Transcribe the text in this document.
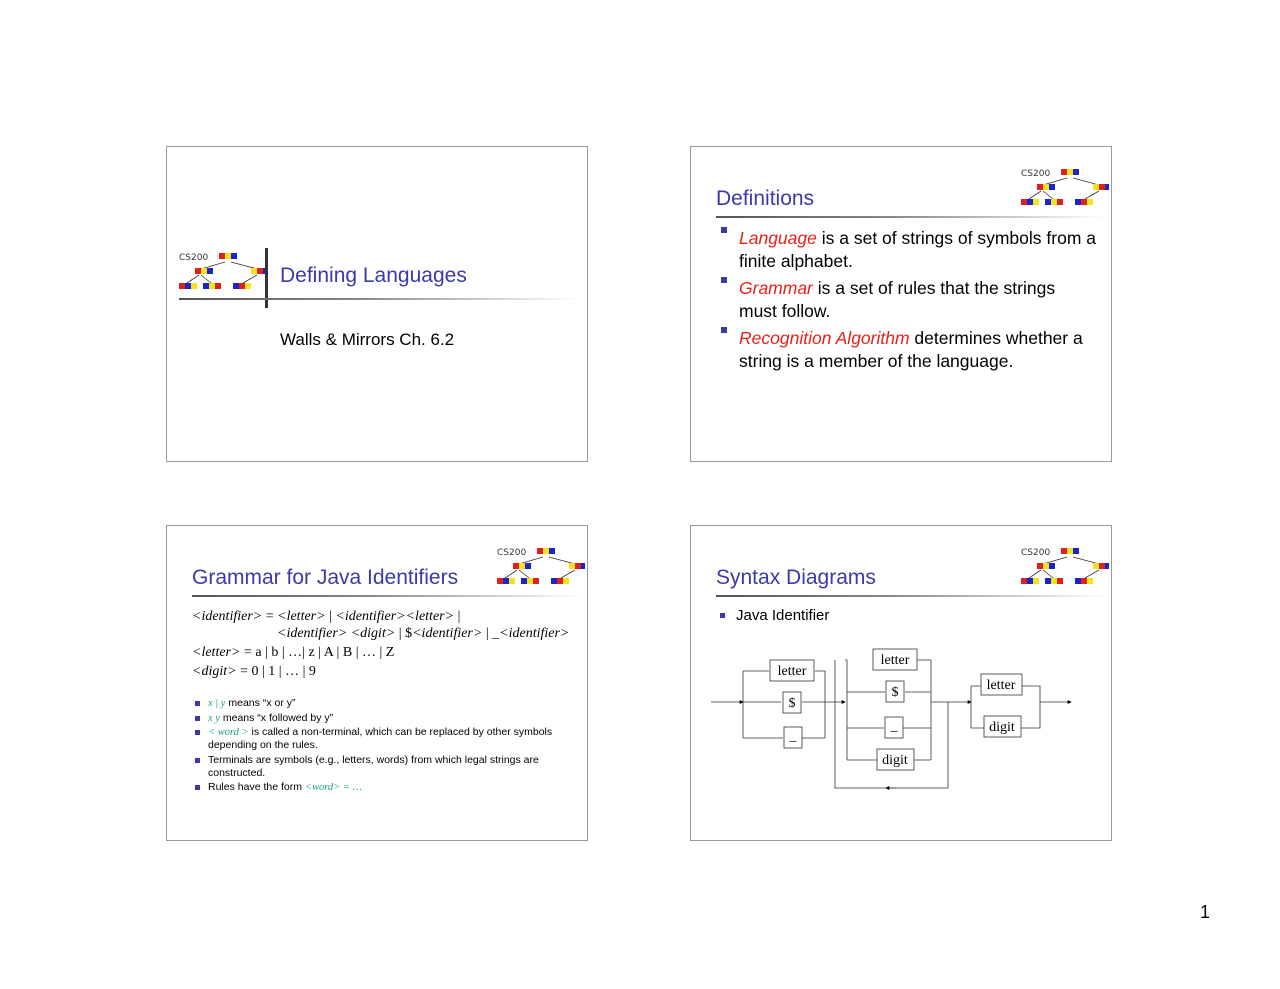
CS200
Defining Languages
Walls & Mirrors Ch. 6.2
CS200
Definitions
Language is a set of strings of symbols from a finite alphabet.
Grammar is a set of rules that the strings must follow.
Recognition Algorithm determines whether a string is a member of the language.
CS200
Grammar for Java Identifiers
<identifier> = <letter> | <identifier><letter> |
<identifier> <digit> | $<identifier> | _<identifier>
<letter> = a | b | …| z | A | B | … | Z
<digit> = 0 | 1 | … | 9
x | y means “x or y”
x y means “x followed by y”
< word > is called a non-terminal, which can be replaced by other symbols depending on the rules.
Terminals are symbols (e.g., letters, words) from which legal strings are constructed.
Rules have the form <word> = …
CS200
Syntax Diagrams
Java Identifier
letter
$
_
letter
$
_
digit
letter
digit
1
